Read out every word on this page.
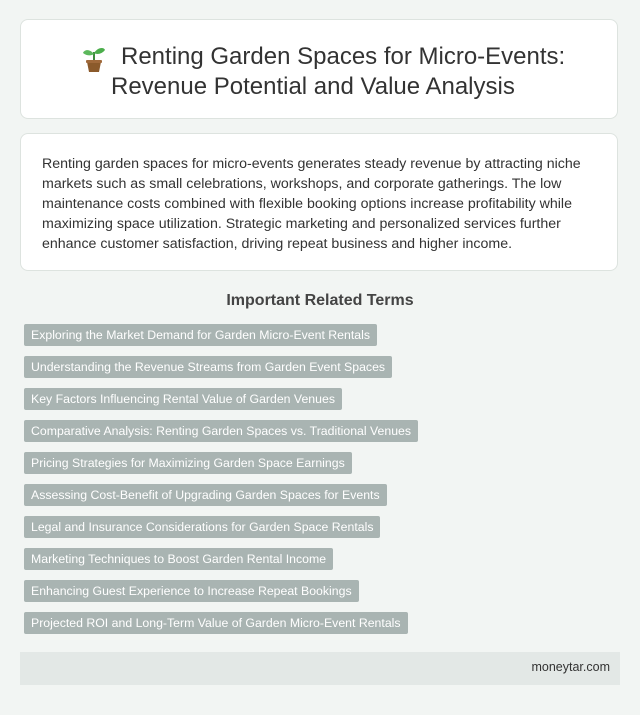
Renting Garden Spaces for Micro-Events:
Revenue Potential and Value Analysis

Renting garden spaces for micro-events generates steady revenue by attracting niche markets such as small celebrations, workshops, and corporate gatherings. The low maintenance costs combined with flexible booking options increase profitability while maximizing space utilization. Strategic marketing and personalized services further enhance customer satisfaction, driving repeat business and higher income.

Important Related Terms
Exploring the Market Demand for Garden Micro-Event Rentals
Understanding the Revenue Streams from Garden Event Spaces
Key Factors Influencing Rental Value of Garden Venues
Comparative Analysis: Renting Garden Spaces vs. Traditional Venues
Pricing Strategies for Maximizing Garden Space Earnings
Assessing Cost-Benefit of Upgrading Garden Spaces for Events
Legal and Insurance Considerations for Garden Space Rentals
Marketing Techniques to Boost Garden Rental Income
Enhancing Guest Experience to Increase Repeat Bookings
Projected ROI and Long-Term Value of Garden Micro-Event Rentals
moneytar.com
